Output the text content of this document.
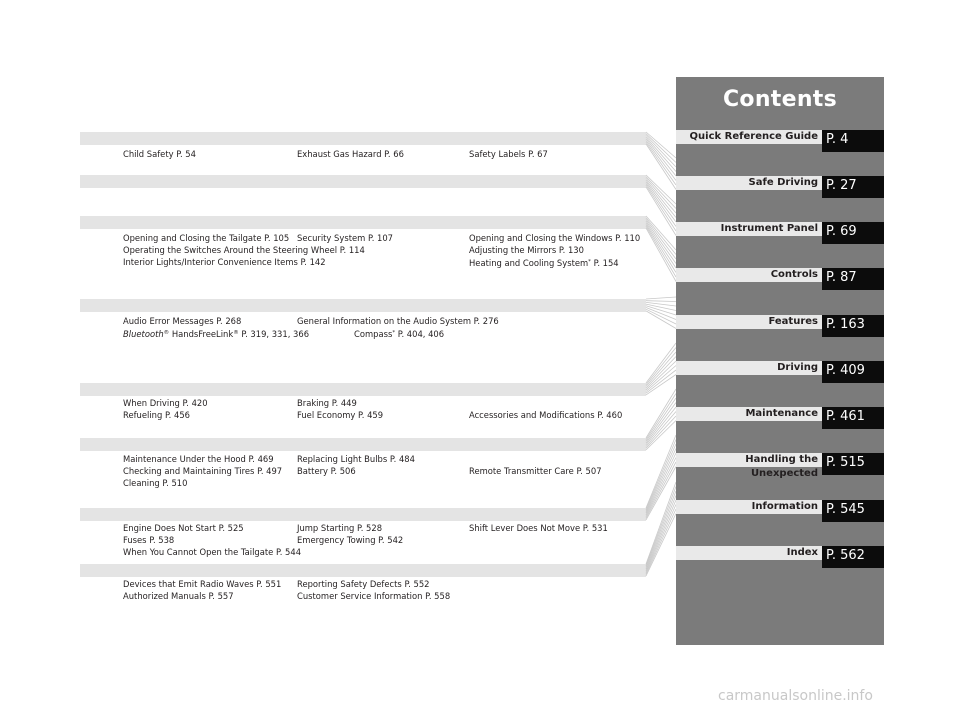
Child Safety P. 54	Exhaust Gas Hazard P. 66	Safety Labels P. 67
Opening and Closing the Tailgate P. 105 Security System P. 107	Opening and Closing the Windows P. 110
Operating the Switches Around the Steering Wheel P. 114	Adjusting the Mirrors P. 130
Interior Lights/Interior Convenience Items P. 142	Heating and Cooling System* P. 154
Audio Error Messages P. 268	General Information on the Audio System P. 276
Bluetooth® HandsFreeLink® P. 319, 331, 366	Compass* P. 404, 406
When Driving P. 420	Braking P. 449
Refueling P. 456	Fuel Economy P. 459	Accessories and Modifications P. 460
Maintenance Under the Hood P. 469	Replacing Light Bulbs P. 484
Checking and Maintaining Tires P. 497 Battery P. 506	Remote Transmitter Care P. 507
Cleaning P. 510
Engine Does Not Start P. 525	Jump Starting P. 528	Shift Lever Does Not Move P. 531
Fuses P. 538	Emergency Towing P. 542
When You Cannot Open the Tailgate P. 544
Devices that Emit Radio Waves P. 551 Reporting Safety Defects P. 552
Authorized Manuals P. 557	Customer Service Information P. 558
Contents
Quick Reference Guide P. 4
Safe Driving P. 27
Instrument Panel P. 69
Controls P. 87
Features P. 163
Driving P. 409
Maintenance P. 461
Handling the Unexpected
P. 515
Information P. 545
Index P. 562
carmanualsonline.info
